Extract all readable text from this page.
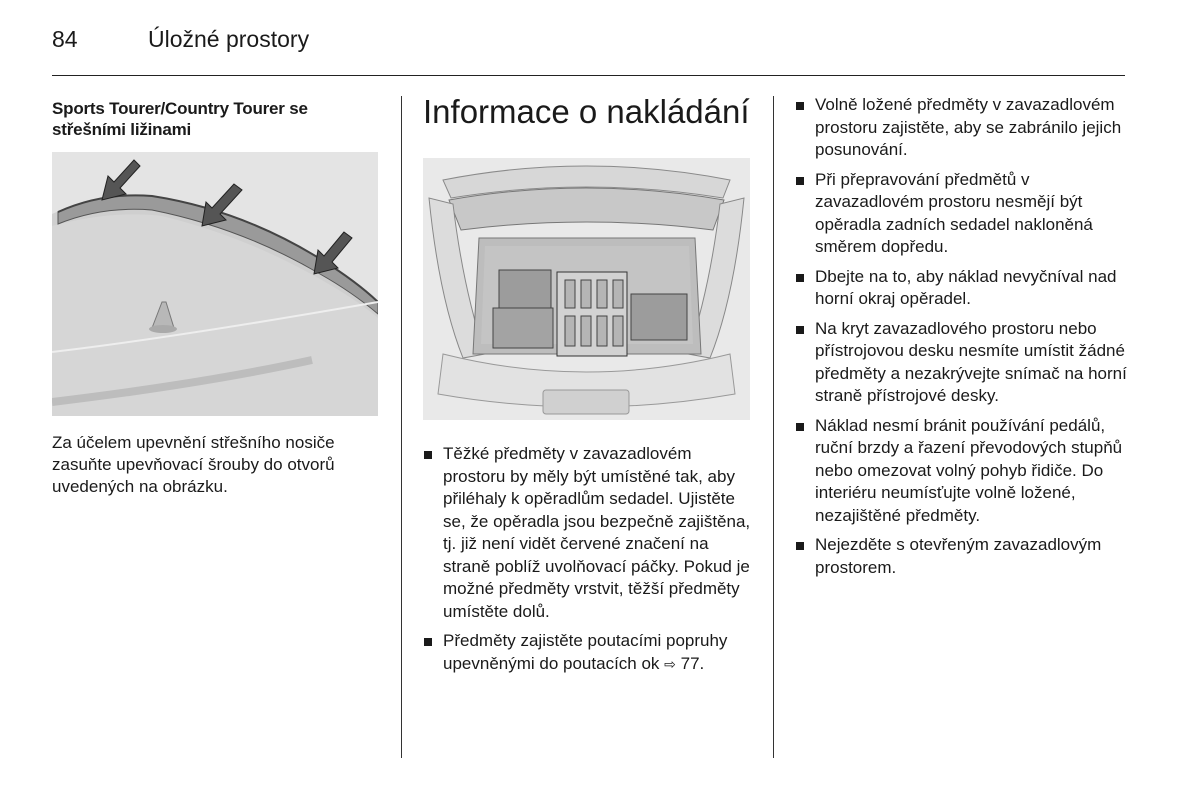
84	Úložné prostory
Sports Tourer/Country Tourer se střešními ližinami
Za účelem upevnění střešního nosiče zasuňte upevňovací šrouby do otvorů uvedených na obrázku.
Informace o nakládání
Těžké předměty v zavazadlovém prostoru by měly být umístěné tak, aby přiléhaly k opěradlům sedadel. Ujistěte se, že opěradla jsou bezpečně zajištěna, tj. již není vidět červené značení na straně poblíž uvolňovací páčky. Pokud je možné předměty vrstvit, těžší předměty umístěte dolů.
Předměty zajistěte poutacími popruhy upevněnými do poutacích ok ⇨ 77.
Volně ložené předměty v zavazadlovém prostoru zajistěte, aby se zabránilo jejich posunování.
Při přepravování předmětů v zavazadlovém prostoru nesmějí být opěradla zadních sedadel nakloněná směrem dopředu.
Dbejte na to, aby náklad nevyčníval nad horní okraj opěradel.
Na kryt zavazadlového prostoru nebo přístrojovou desku nesmíte umístit žádné předměty a nezakrývejte snímač na horní straně přístrojové desky.
Náklad nesmí bránit používání pedálů, ruční brzdy a řazení převodových stupňů nebo omezovat volný pohyb řidiče. Do interiéru neumísťujte volně ložené, nezajištěné předměty.
Nejezděte s otevřeným zavazadlovým prostorem.
